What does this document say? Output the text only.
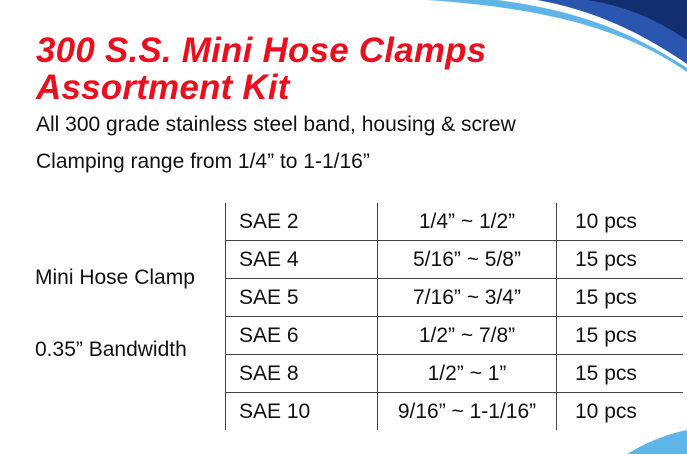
300 S.S. Mini Hose Clamps
Assortment Kit
All 300 grade stainless steel band, housing & screw
Clamping range from 1/4” to 1-1/16”
Mini Hose Clamp
0.35” Bandwidth
SAE 2	1/4” ~ 1/2”	10 pcs
SAE 4	5/16” ~ 5/8”	15 pcs
SAE 5	7/16” ~ 3/4”	15 pcs
SAE 6	1/2” ~ 7/8”	15 pcs
SAE 8	1/2” ~ 1”	15 pcs
SAE 10	9/16” ~ 1-1/16”	10 pcs
